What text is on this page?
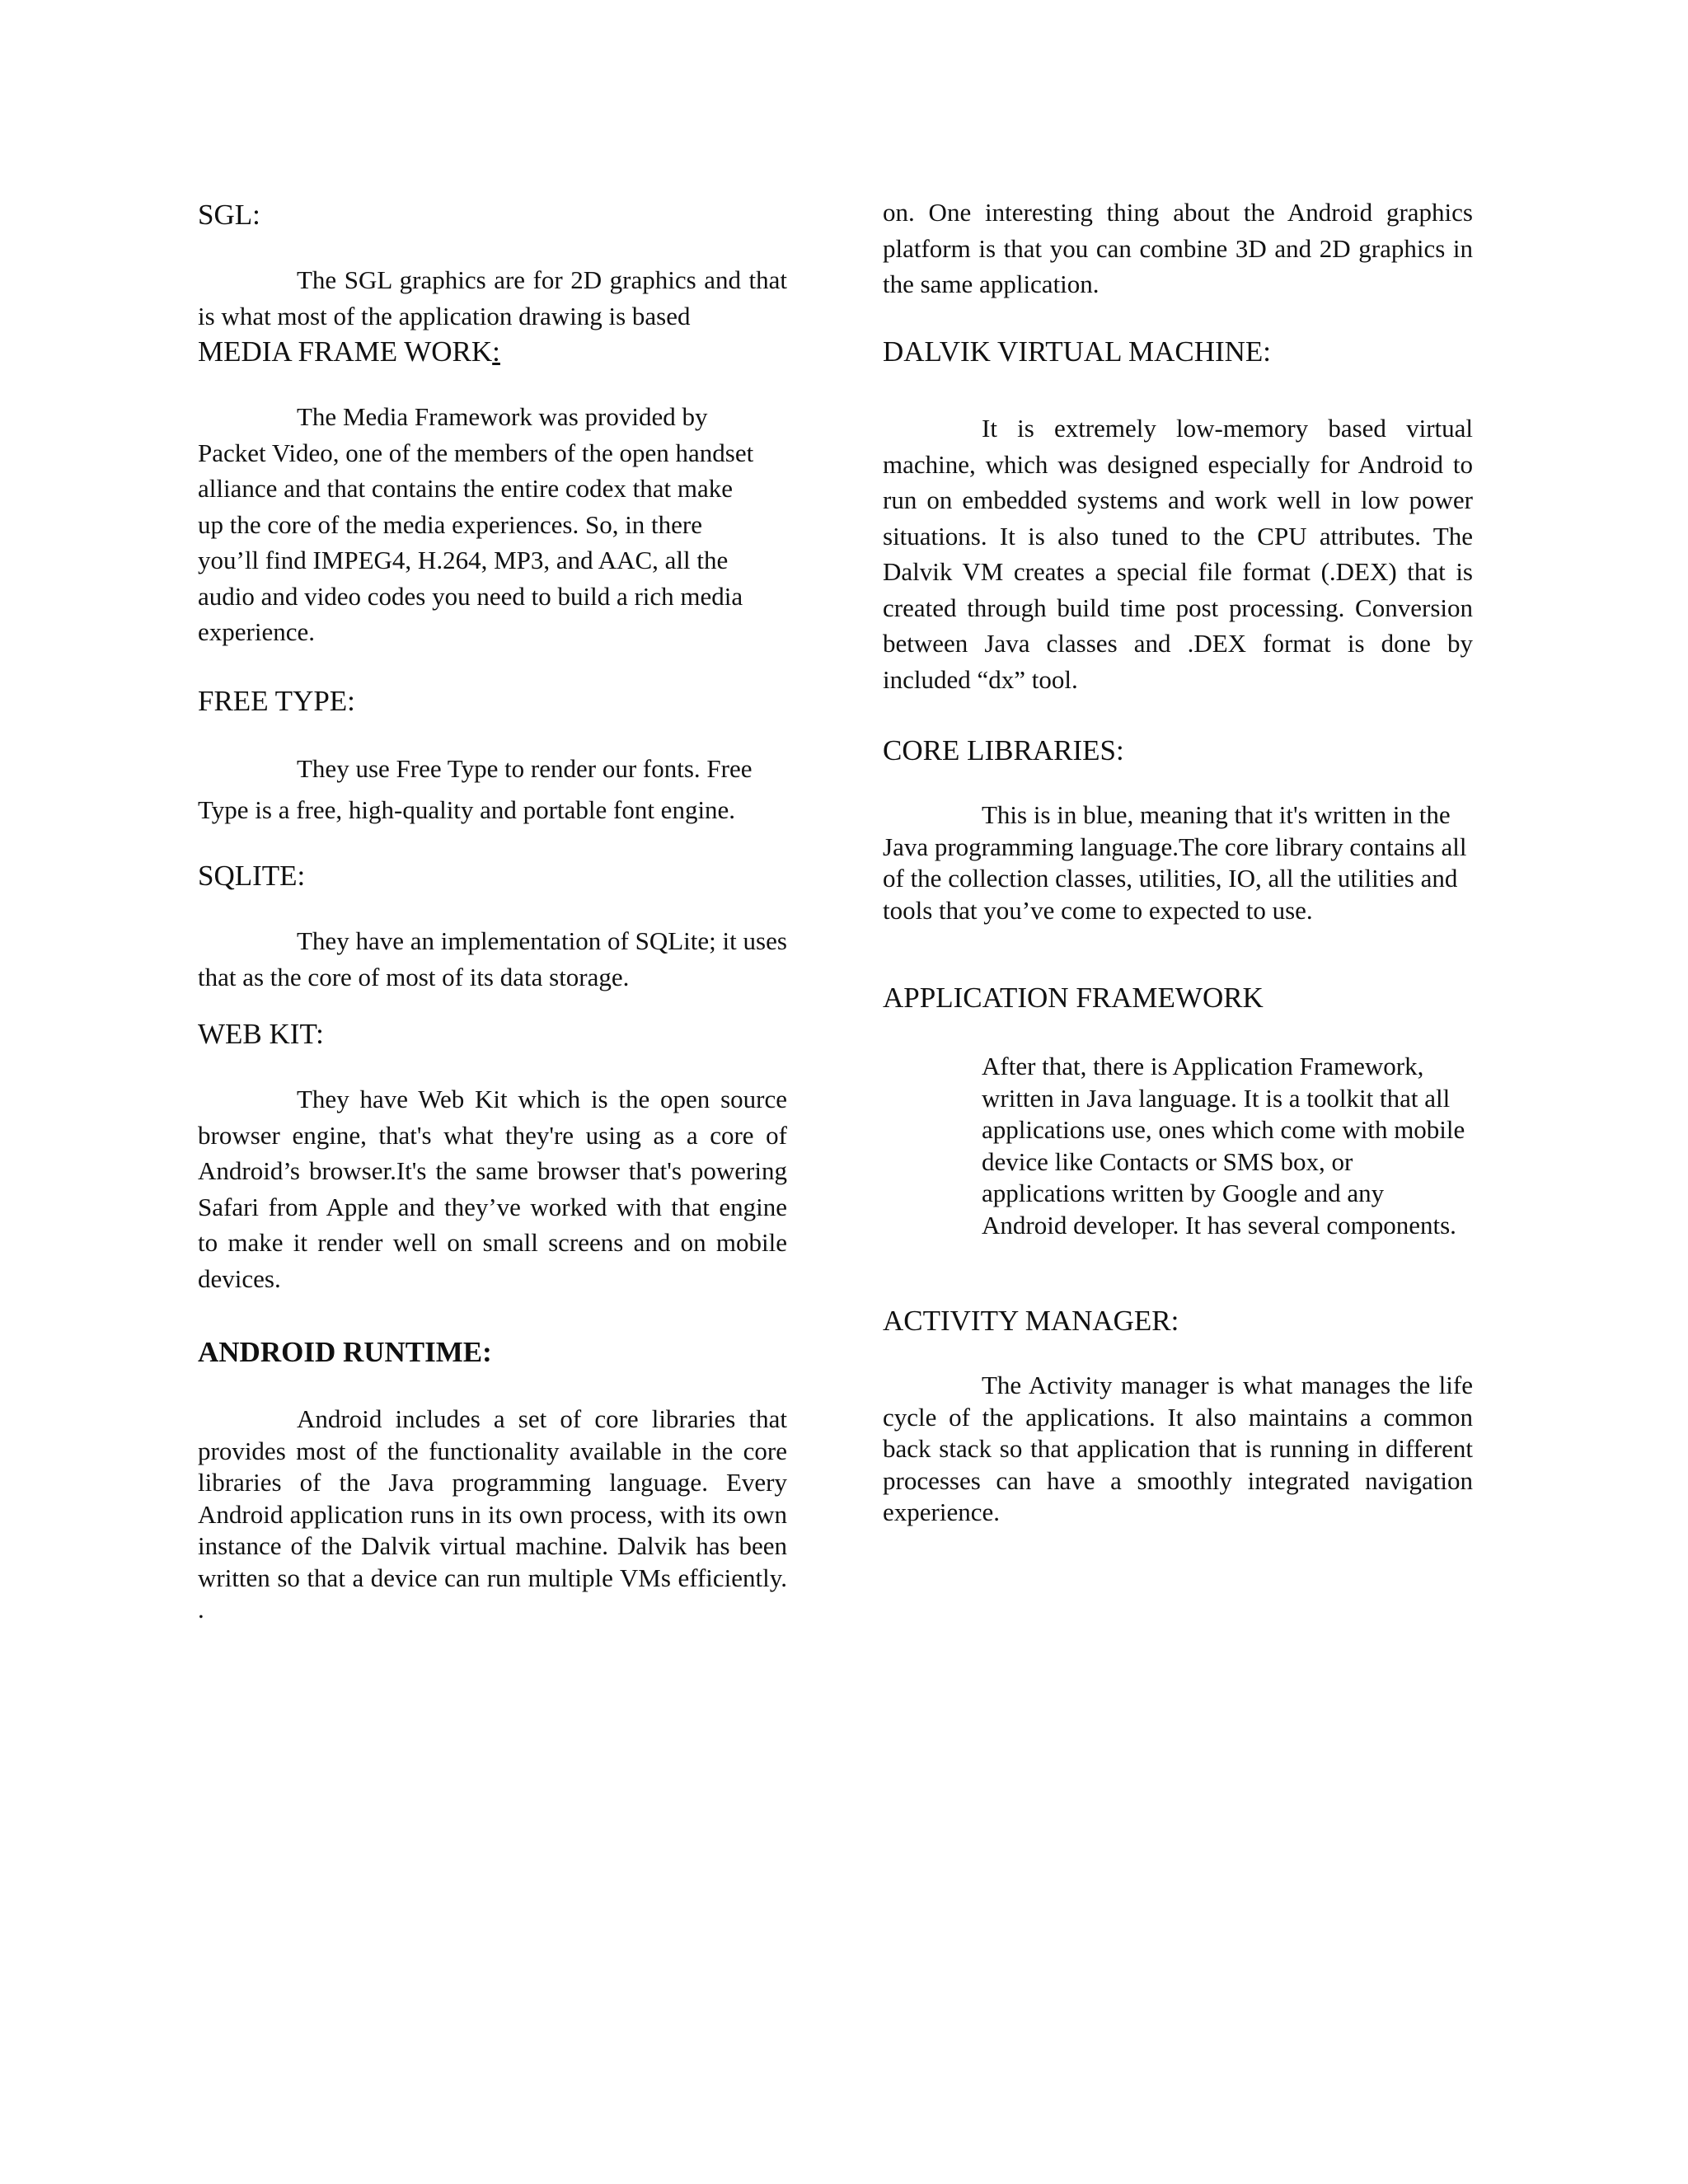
SGL:

The SGL graphics are for 2D graphics and that is what most of the application drawing is based

MEDIA FRAME WORK:

The Media Framework was provided by Packet Video, one of the members of the open handset alliance and that contains the entire codex that make up the core of the media experiences. So, in there you’ll find IMPEG4, H.264, MP3, and AAC, all the audio and video codes you need to build a rich media experience.

FREE TYPE:

They use Free Type to render our fonts. Free Type is a free, high-quality and portable font engine.

SQLITE:

They have an implementation of SQLite; it uses that as the core of most of its data storage.

WEB KIT:

They have Web Kit which is the open source browser engine, that's what they're using as a core of Android’s browser.It's the same browser that's powering Safari from Apple and they’ve worked with that engine to make it render well on small screens and on mobile devices.

ANDROID RUNTIME:

Android includes a set of core libraries that provides most of the functionality available in the core libraries of the Java programming language. Every Android application runs in its own process, with its own instance of the Dalvik virtual machine. Dalvik has been written so that a device can run multiple VMs efficiently. .

on. One interesting thing about the Android graphics platform is that you can combine 3D and 2D graphics in the same application.

DALVIK VIRTUAL MACHINE:

It is extremely low-memory based virtual machine, which was designed especially for Android to run on embedded systems and work well in low power situations. It is also tuned to the CPU attributes. The Dalvik VM creates a special file format (.DEX) that is created through build time post processing. Conversion between Java classes and .DEX format is done by included “dx” tool.

CORE LIBRARIES:

This is in blue, meaning that it's written in the Java programming language.The core library contains all of the collection classes, utilities, IO, all the utilities and tools that you’ve come to expected to use.

APPLICATION FRAMEWORK

After that, there is Application Framework, written in Java language. It is a toolkit that all applications use, ones which come with mobile device like Contacts or SMS box, or applications written by Google and any Android developer. It has several components.

ACTIVITY MANAGER:

The Activity manager is what manages the life cycle of the applications. It also maintains a common back stack so that application that is running in different processes can have a smoothly integrated navigation experience.
